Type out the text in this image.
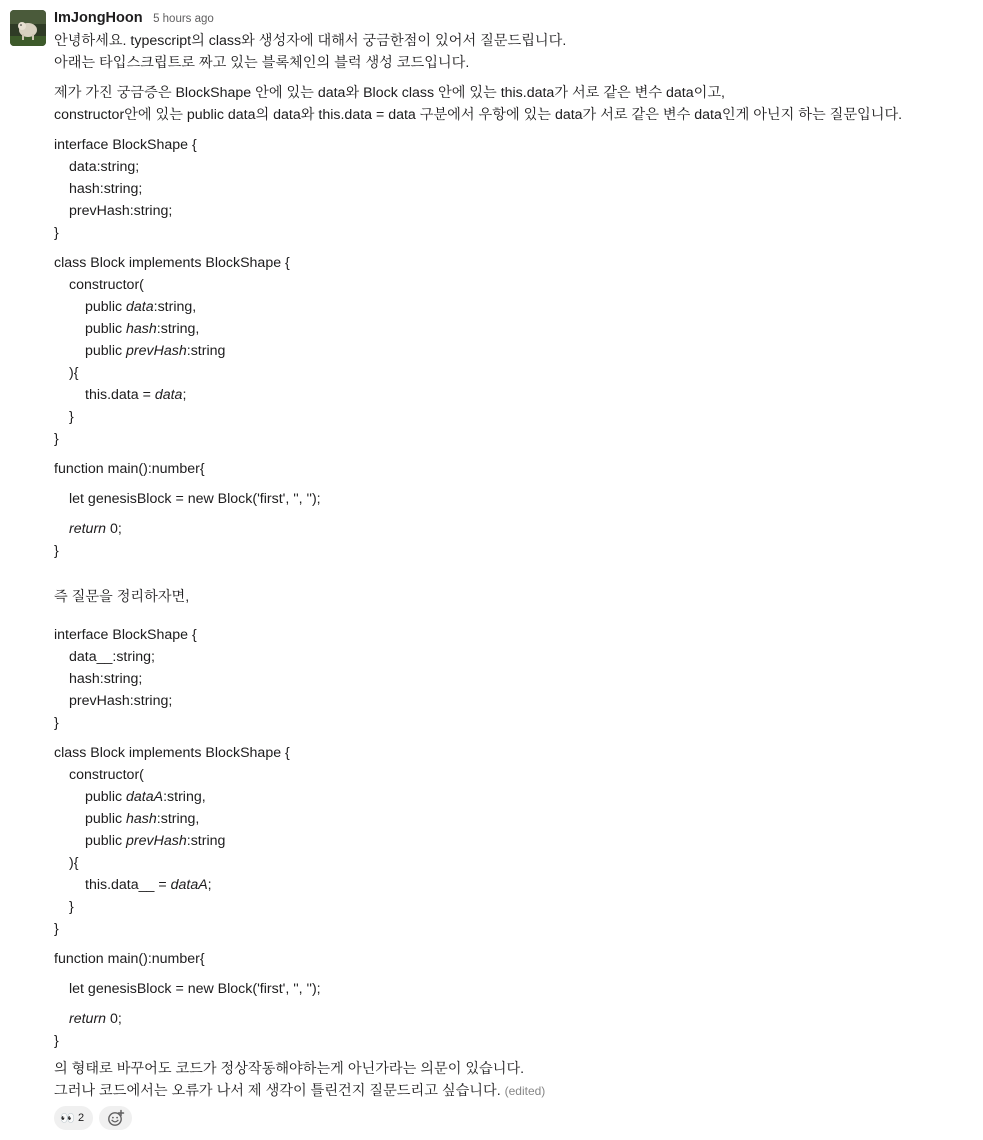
ImJongHoon 5 hours ago
안녕하세요. typescript의 class와 생성자에 대해서 궁금한점이 있어서 질문드립니다.
아래는 타입스크립트로 짜고 있는 블록체인의 블럭 생성 코드입니다.
제가 가진 궁금증은 BlockShape 안에 있는 data와 Block class 안에 있는 this.data가 서로 같은 변수 data이고,
constructor안에 있는 public data의 data와 this.data = data 구분에서 우항에 있는 data가 서로 같은 변수 data인게 아닌지 하는 질문입니다.
interface BlockShape {
data:string;
hash:string;
prevHash:string;
}
class Block implements BlockShape {
constructor(
public data:string,
public hash:string,
public prevHash:string
){
this.data = data;
}
}
function main():number{
let genesisBlock = new Block('first', '', '');
return 0;
}
즉 질문을 정리하자면,
interface BlockShape {
data__:string;
hash:string;
prevHash:string;
}
class Block implements BlockShape {
constructor(
public dataA:string,
public hash:string,
public prevHash:string
){
this.data__ = dataA;
}
}
function main():number{
let genesisBlock = new Block('first', '', '');
return 0;
}
의 형태로 바꾸어도 코드가 정상작동해야하는게 아닌가라는 의문이 있습니다.
그러나 코드에서는 오류가 나서 제 생각이 틀린건지 질문드리고 싶습니다. (edited)
👀 2
